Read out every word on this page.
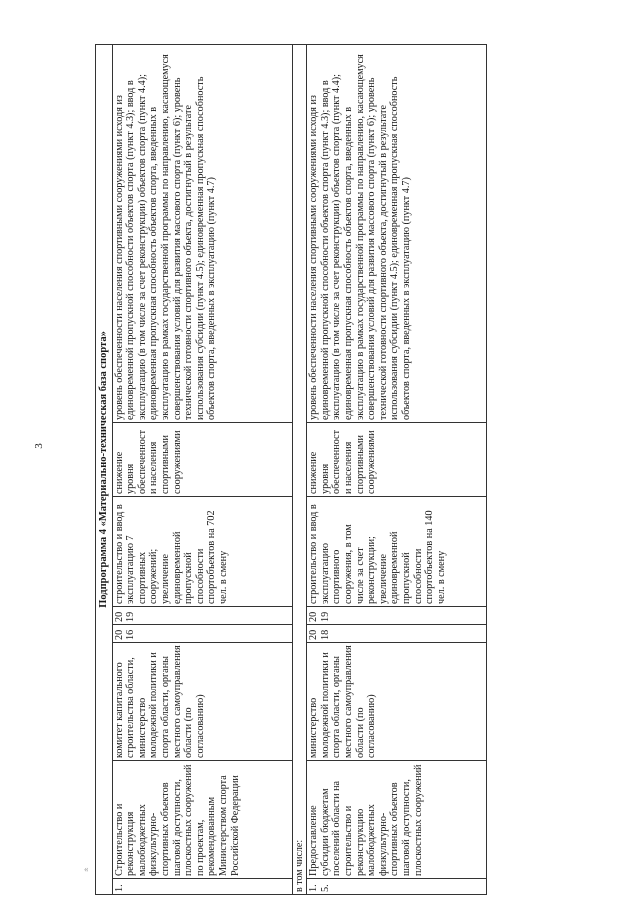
3
«
Подпрограмма 4 «Материально-техническая база спорта»							
1.	Строительство и реконструкция малобюджетных физкультурно-спортивных объектов шаговой доступности, плоскостных сооружений по проектам, рекомендованным Министерством спорта Российской Федерации	комитет капитального строительства области, министерство молодежной политики и спорта области, органы местного самоуправления области (по согласованию)	2016	2019	строительство и ввод в эксплуатацию 7 спортивных сооружений; увеличение единовременной пропускной способности спортобъектов на 702 чел. в смену	снижение уровня обеспеченности населения спортивными сооружениями	уровень обеспеченности населения спортивными сооружениями исходя из единовременной пропускной способности объектов спорта (пункт 4.3); ввод в эксплуатацию (в том числе за счет реконструкции) объектов спорта (пункт 4.4); единовременная пропускная способность объектов спорта, введенных в эксплуатацию в рамках государственной программы по направлению, касающемуся совершенствования условий для развития массового спорта (пункт 6); уровень технической готовности спортивного объекта, достигнутый в результате использования субсидии (пункт 4.5); единовременная пропускная способность объектов спорта, введенных в эксплуатацию (пункт 4.7)
в том числе:							
1.5.	Предоставление субсидии бюджетам поселений области на строительство и реконструкцию малобюджетных физкультурно-спортивных объектов шаговой доступности, плоскостных сооружений	министерство молодежной политики и спорта области, органы местного самоуправления области (по согласованию)	2018	2019	строительство и ввод в эксплуатацию спортивного сооружения, в том числе за счет реконструкции; увеличение единовременной пропускной способности спортобъектов на 140 чел. в смену	снижение уровня обеспеченности населения спортивными сооружениями	уровень обеспеченности населения спортивными сооружениями исходя из единовременной пропускной способности объектов спорта (пункт 4.3); ввод в эксплуатацию (в том числе за счет реконструкции) объектов спорта (пункт 4.4); единовременная пропускная способность объектов спорта, введенных в эксплуатацию в рамках государственной программы по направлению, касающемуся совершенствования условий для развития массового спорта (пункт 6); уровень технической готовности спортивного объекта, достигнутый в результате использования субсидии (пункт 4.5); единовременная пропускная способность объектов спорта, введенных в эксплуатацию (пункт 4.7)
